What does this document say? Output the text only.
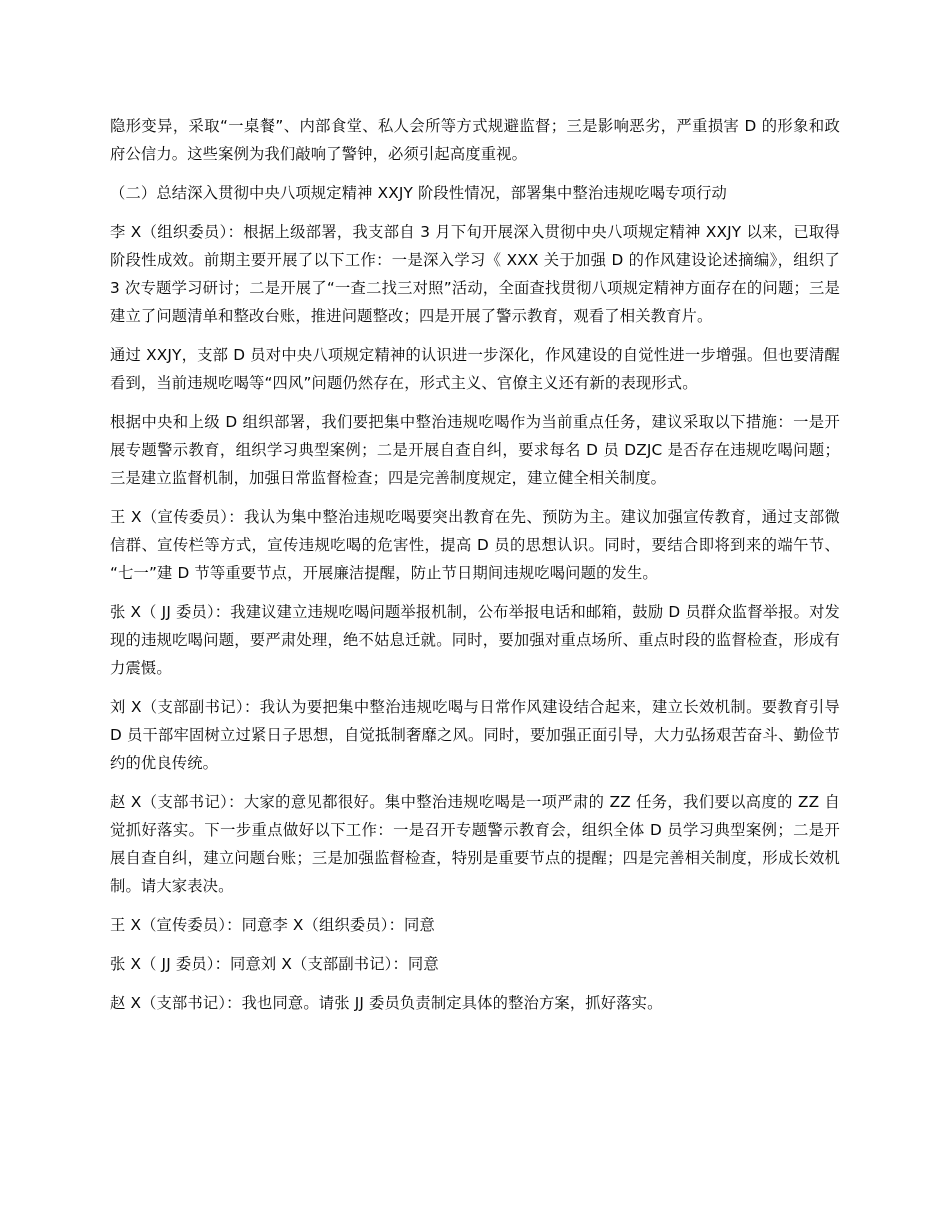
隐形变异，采取“一桌餐”、内部食堂、私人会所等方式规避监督；三是影响恶劣，严重损害 D 的形象和政府公信力。这些案例为我们敲响了警钟，必须引起高度重视。

（二）总结深入贯彻中央八项规定精神 XXJY 阶段性情况，部署集中整治违规吃喝专项行动

李 X（组织委员）：根据上级部署，我支部自 3 月下旬开展深入贯彻中央八项规定精神 XXJY 以来，已取得阶段性成效。前期主要开展了以下工作：一是深入学习《 XXX 关于加强 D 的作风建设论述摘编》，组织了 3 次专题学习研讨；二是开展了“一查二找三对照”活动，全面查找贯彻八项规定精神方面存在的问题；三是建立了问题清单和整改台账，推进问题整改；四是开展了警示教育，观看了相关教育片。

通过 XXJY，支部 D 员对中央八项规定精神的认识进一步深化，作风建设的自觉性进一步增强。但也要清醒看到，当前违规吃喝等“四风”问题仍然存在，形式主义、官僚主义还有新的表现形式。

根据中央和上级 D 组织部署，我们要把集中整治违规吃喝作为当前重点任务，建议采取以下措施：一是开展专题警示教育，组织学习典型案例；二是开展自查自纠，要求每名 D 员 DZJC 是否存在违规吃喝问题；三是建立监督机制，加强日常监督检查；四是完善制度规定，建立健全相关制度。

王 X（宣传委员）：我认为集中整治违规吃喝要突出教育在先、预防为主。建议加强宣传教育，通过支部微信群、宣传栏等方式，宣传违规吃喝的危害性，提高 D 员的思想认识。同时，要结合即将到来的端午节、“七一”建 D 节等重要节点，开展廉洁提醒，防止节日期间违规吃喝问题的发生。

张 X（ JJ 委员）：我建议建立违规吃喝问题举报机制，公布举报电话和邮箱，鼓励 D 员群众监督举报。对发现的违规吃喝问题，要严肃处理，绝不姑息迁就。同时，要加强对重点场所、重点时段的监督检查，形成有力震慑。

刘 X（支部副书记）：我认为要把集中整治违规吃喝与日常作风建设结合起来，建立长效机制。要教育引导 D 员干部牢固树立过紧日子思想，自觉抵制奢靡之风。同时，要加强正面引导，大力弘扬艰苦奋斗、勤俭节约的优良传统。

赵 X（支部书记）：大家的意见都很好。集中整治违规吃喝是一项严肃的 ZZ 任务，我们要以高度的 ZZ 自觉抓好落实。下一步重点做好以下工作：一是召开专题警示教育会，组织全体 D 员学习典型案例；二是开展自查自纠，建立问题台账；三是加强监督检查，特别是重要节点的提醒；四是完善相关制度，形成长效机制。请大家表决。

王 X（宣传委员）：同意李 X（组织委员）：同意

张 X（ JJ 委员）：同意刘 X（支部副书记）：同意

赵 X（支部书记）：我也同意。请张 JJ 委员负责制定具体的整治方案，抓好落实。
